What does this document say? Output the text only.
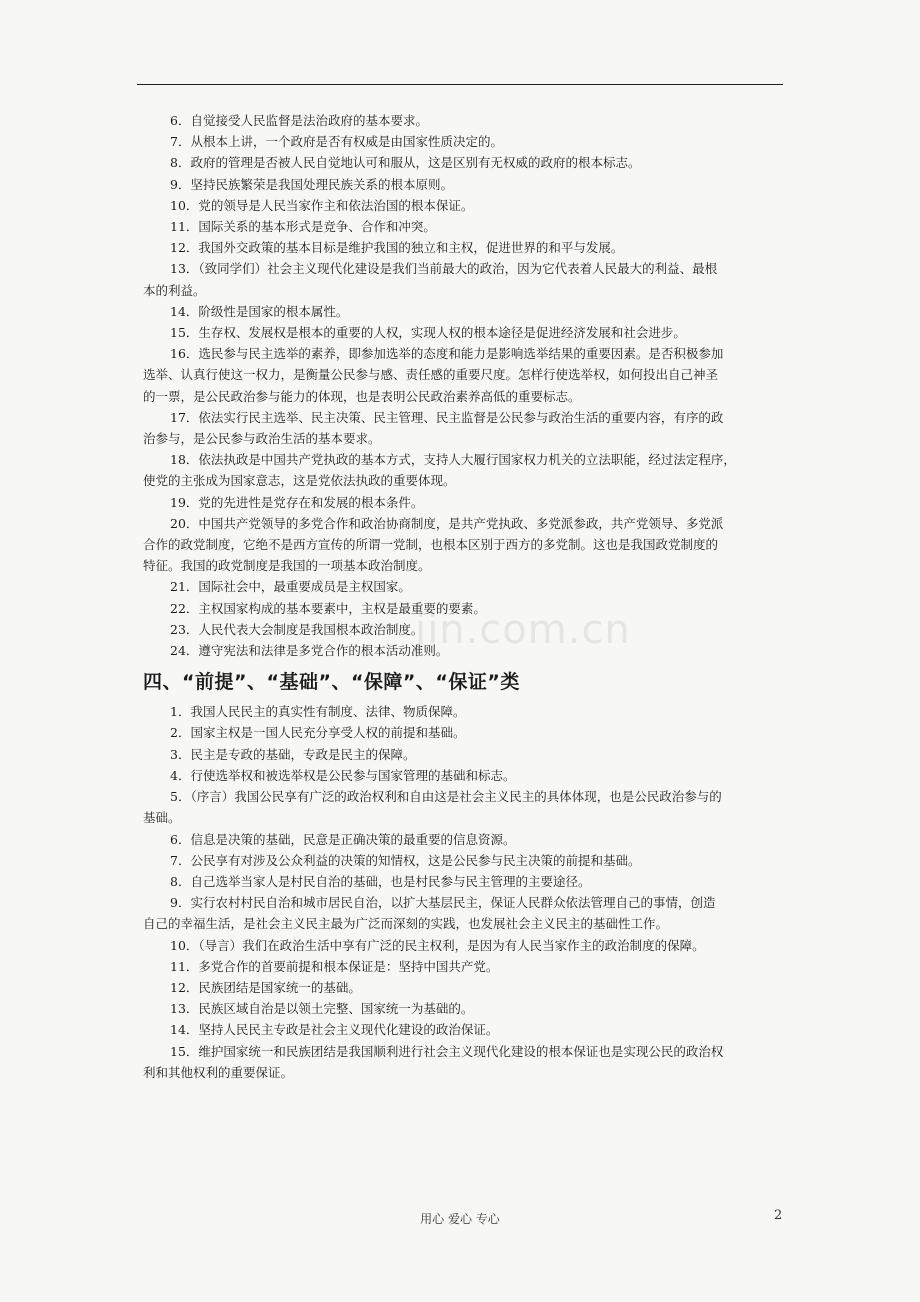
jin.com.cn
6．自觉接受人民监督是法治政府的基本要求。
7．从根本上讲，一个政府是否有权威是由国家性质决定的。
8．政府的管理是否被人民自觉地认可和服从，这是区别有无权威的政府的根本标志。
9．坚持民族繁荣是我国处理民族关系的根本原则。
10．党的领导是人民当家作主和依法治国的根本保证。
11．国际关系的基本形式是竞争、合作和冲突。
12．我国外交政策的基本目标是维护我国的独立和主权，促进世界的和平与发展。
13．（致同学们）社会主义现代化建设是我们当前最大的政治，因为它代表着人民最大的利益、最根
本的利益。
14．阶级性是国家的根本属性。
15．生存权、发展权是根本的重要的人权，实现人权的根本途径是促进经济发展和社会进步。
16．选民参与民主选举的素养，即参加选举的态度和能力是影响选举结果的重要因素。是否积极参加
选举、认真行使这一权力，是衡量公民参与感、责任感的重要尺度。怎样行使选举权，如何投出自己神圣
的一票，是公民政治参与能力的体现，也是表明公民政治素养高低的重要标志。
17．依法实行民主选举、民主决策、民主管理、民主监督是公民参与政治生活的重要内容，有序的政
治参与，是公民参与政治生活的基本要求。
18．依法执政是中国共产党执政的基本方式，支持人大履行国家权力机关的立法职能，经过法定程序，
使党的主张成为国家意志，这是党依法执政的重要体现。
19．党的先进性是党存在和发展的根本条件。
20．中国共产党领导的多党合作和政治协商制度，是共产党执政、多党派参政，共产党领导、多党派
合作的政党制度，它绝不是西方宣传的所谓一党制，也根本区别于西方的多党制。这也是我国政党制度的
特征。我国的政党制度是我国的一项基本政治制度。
21．国际社会中，最重要成员是主权国家。
22．主权国家构成的基本要素中，主权是最重要的要素。
23．人民代表大会制度是我国根本政治制度。
24．遵守宪法和法律是多党合作的根本活动准则。
四、“前提”、“基础”、“保障”、“保证”类
1．我国人民民主的真实性有制度、法律、物质保障。
2．国家主权是一国人民充分享受人权的前提和基础。
3．民主是专政的基础，专政是民主的保障。
4．行使选举权和被选举权是公民参与国家管理的基础和标志。
5．（序言）我国公民享有广泛的政治权利和自由这是社会主义民主的具体体现，也是公民政治参与的
基础。
6．信息是决策的基础，民意是正确决策的最重要的信息资源。
7．公民享有对涉及公众利益的决策的知情权，这是公民参与民主决策的前提和基础。
8．自己选举当家人是村民自治的基础，也是村民参与民主管理的主要途径。
9．实行农村村民自治和城市居民自治，以扩大基层民主，保证人民群众依法管理自己的事情，创造
自己的幸福生活，是社会主义民主最为广泛而深刻的实践，也发展社会主义民主的基础性工作。
10．（导言）我们在政治生活中享有广泛的民主权利，是因为有人民当家作主的政治制度的保障。
11．多党合作的首要前提和根本保证是：坚持中国共产党。
12．民族团结是国家统一的基础。
13．民族区域自治是以领土完整、国家统一为基础的。
14．坚持人民民主专政是社会主义现代化建设的政治保证。
15．维护国家统一和民族团结是我国顺利进行社会主义现代化建设的根本保证也是实现公民的政治权
利和其他权利的重要保证。
用心 爱心 专心	2
